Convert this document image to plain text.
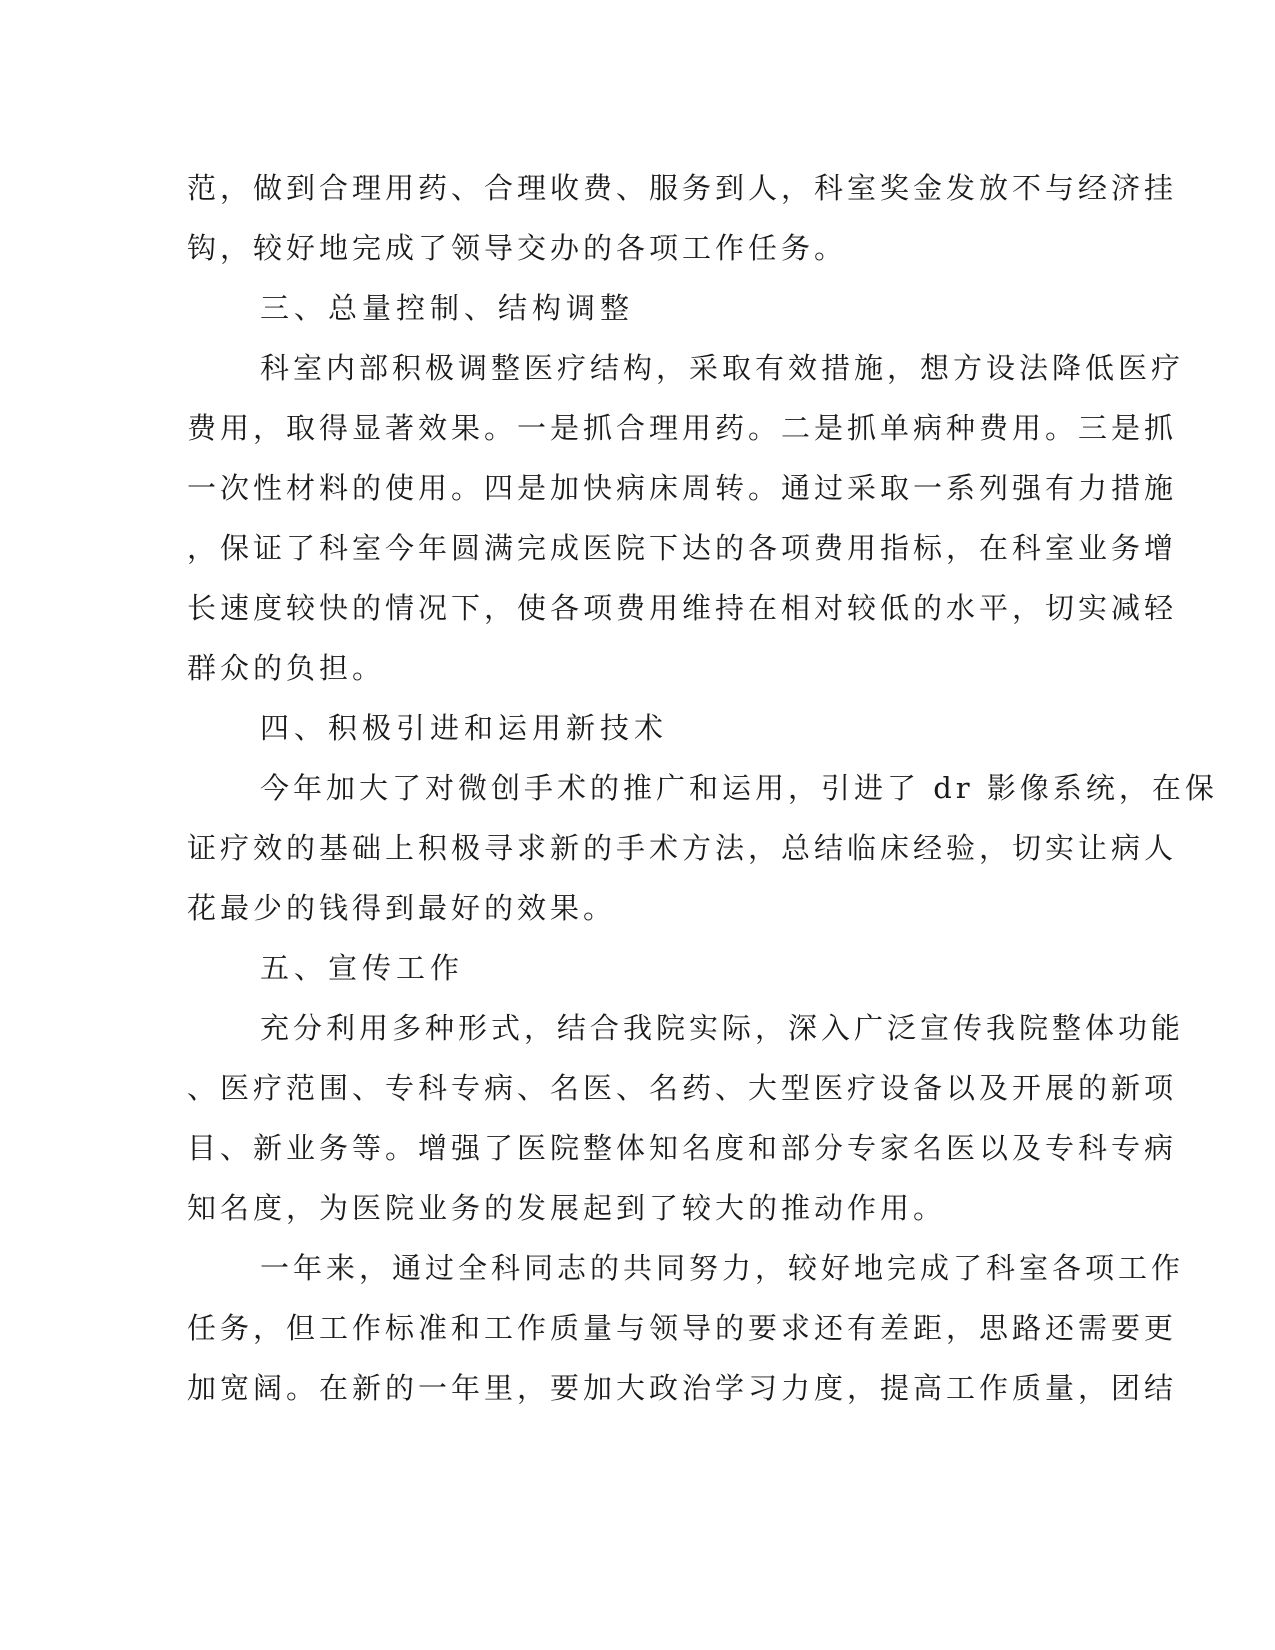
范，做到合理用药、合理收费、服务到人，科室奖金发放不与经济挂
钩，较好地完成了领导交办的各项工作任务。
三、总量控制、结构调整
科室内部积极调整医疗结构，采取有效措施，想方设法降低医疗
费用，取得显著效果。一是抓合理用药。二是抓单病种费用。三是抓
一次性材料的使用。四是加快病床周转。通过采取一系列强有力措施
，保证了科室今年圆满完成医院下达的各项费用指标，在科室业务增
长速度较快的情况下，使各项费用维持在相对较低的水平，切实减轻
群众的负担。
四、积极引进和运用新技术
今年加大了对微创手术的推广和运用，引进了 dr 影像系统，在保
证疗效的基础上积极寻求新的手术方法，总结临床经验，切实让病人
花最少的钱得到最好的效果。
五、宣传工作
充分利用多种形式，结合我院实际，深入广泛宣传我院整体功能
、医疗范围、专科专病、名医、名药、大型医疗设备以及开展的新项
目、新业务等。增强了医院整体知名度和部分专家名医以及专科专病
知名度，为医院业务的发展起到了较大的推动作用。
一年来，通过全科同志的共同努力，较好地完成了科室各项工作
任务，但工作标准和工作质量与领导的要求还有差距，思路还需要更
加宽阔。在新的一年里，要加大政治学习力度，提高工作质量，团结
